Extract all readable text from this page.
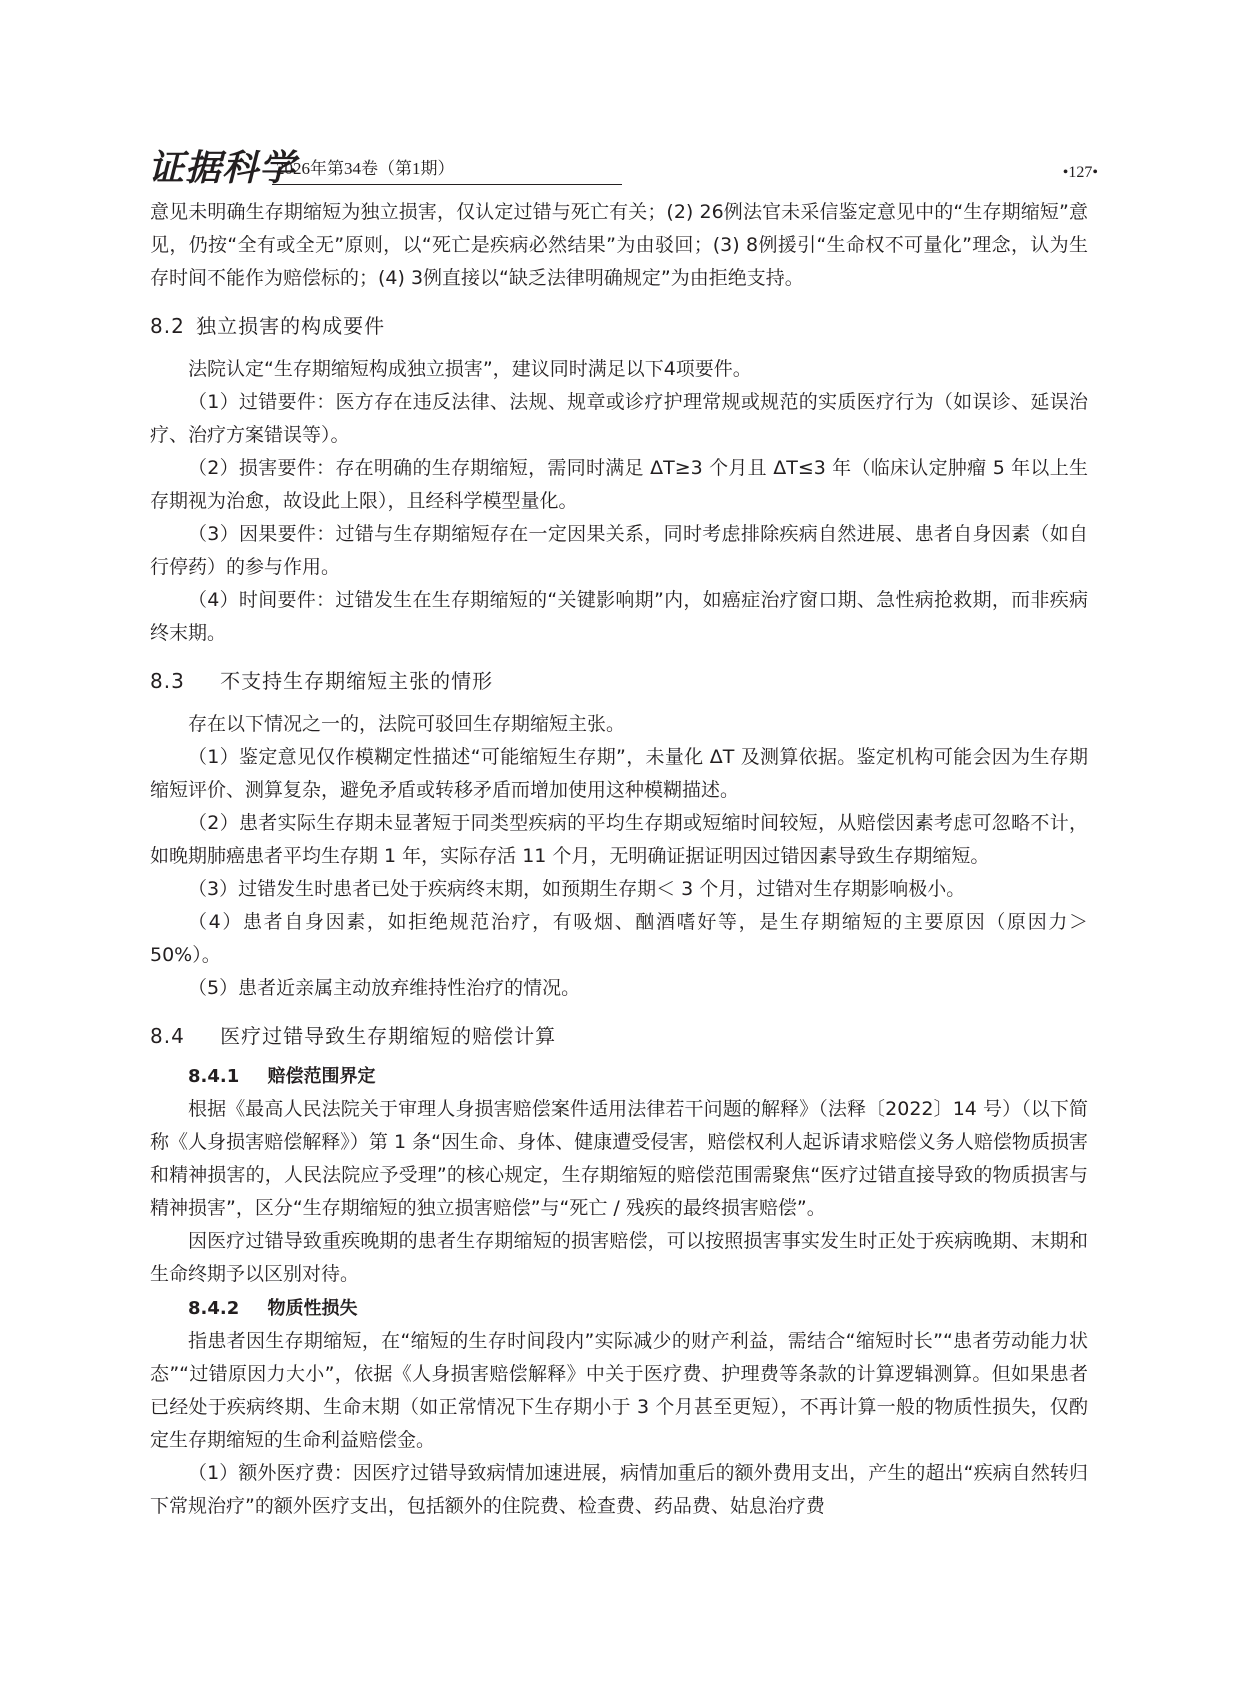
证据科学
2026年第34卷（第1期）	•127•

意见未明确生存期缩短为独立损害，仅认定过错与死亡有关；(2) 26例法官未采信鉴定意见中的“生存期缩短”意见，仍按“全有或全无”原则，以“死亡是疾病必然结果”为由驳回；(3) 8例援引“生命权不可量化”理念，认为生存时间不能作为赔偿标的；(4) 3例直接以“缺乏法律明确规定”为由拒绝支持。

8.2 独立损害的构成要件

法院认定“生存期缩短构成独立损害”，建议同时满足以下4项要件。

（1）过错要件：医方存在违反法律、法规、规章或诊疗护理常规或规范的实质医疗行为（如误诊、延误治疗、治疗方案错误等）。

（2）损害要件：存在明确的生存期缩短，需同时满足 ΔT≥3 个月且 ΔT≤3 年（临床认定肿瘤 5 年以上生存期视为治愈，故设此上限），且经科学模型量化。

（3）因果要件：过错与生存期缩短存在一定因果关系，同时考虑排除疾病自然进展、患者自身因素（如自行停药）的参与作用。

（4）时间要件：过错发生在生存期缩短的“关键影响期”内，如癌症治疗窗口期、急性病抢救期，而非疾病终末期。

8.3 不支持生存期缩短主张的情形

存在以下情况之一的，法院可驳回生存期缩短主张。

（1）鉴定意见仅作模糊定性描述“可能缩短生存期”，未量化 ΔT 及测算依据。鉴定机构可能会因为生存期缩短评价、测算复杂，避免矛盾或转移矛盾而增加使用这种模糊描述。

（2）患者实际生存期未显著短于同类型疾病的平均生存期或短缩时间较短，从赔偿因素考虑可忽略不计，如晚期肺癌患者平均生存期 1 年，实际存活 11 个月，无明确证据证明因过错因素导致生存期缩短。

（3）过错发生时患者已处于疾病终末期，如预期生存期＜ 3 个月，过错对生存期影响极小。

（4）患者自身因素，如拒绝规范治疗，有吸烟、酗酒嗜好等，是生存期缩短的主要原因（原因力＞ 50%）。

（5）患者近亲属主动放弃维持性治疗的情况。

8.4 医疗过错导致生存期缩短的赔偿计算
8.4.1 赔偿范围界定

根据《最高人民法院关于审理人身损害赔偿案件适用法律若干问题的解释》（法释〔2022〕14 号）（以下简称《人身损害赔偿解释》）第 1 条“因生命、身体、健康遭受侵害，赔偿权利人起诉请求赔偿义务人赔偿物质损害和精神损害的，人民法院应予受理”的核心规定，生存期缩短的赔偿范围需聚焦“医疗过错直接导致的物质损害与精神损害”，区分“生存期缩短的独立损害赔偿”与“死亡 / 残疾的最终损害赔偿”。

因医疗过错导致重疾晚期的患者生存期缩短的损害赔偿，可以按照损害事实发生时正处于疾病晚期、末期和生命终期予以区别对待。

8.4.2 物质性损失

指患者因生存期缩短，在“缩短的生存时间段内”实际减少的财产利益，需结合“缩短时长”“患者劳动能力状态”“过错原因力大小”，依据《人身损害赔偿解释》中关于医疗费、护理费等条款的计算逻辑测算。但如果患者已经处于疾病终期、生命末期（如正常情况下生存期小于 3 个月甚至更短），不再计算一般的物质性损失，仅酌定生存期缩短的生命利益赔偿金。

（1）额外医疗费：因医疗过错导致病情加速进展，病情加重后的额外费用支出，产生的超出“疾病自然转归下常规治疗”的额外医疗支出，包括额外的住院费、检查费、药品费、姑息治疗费
